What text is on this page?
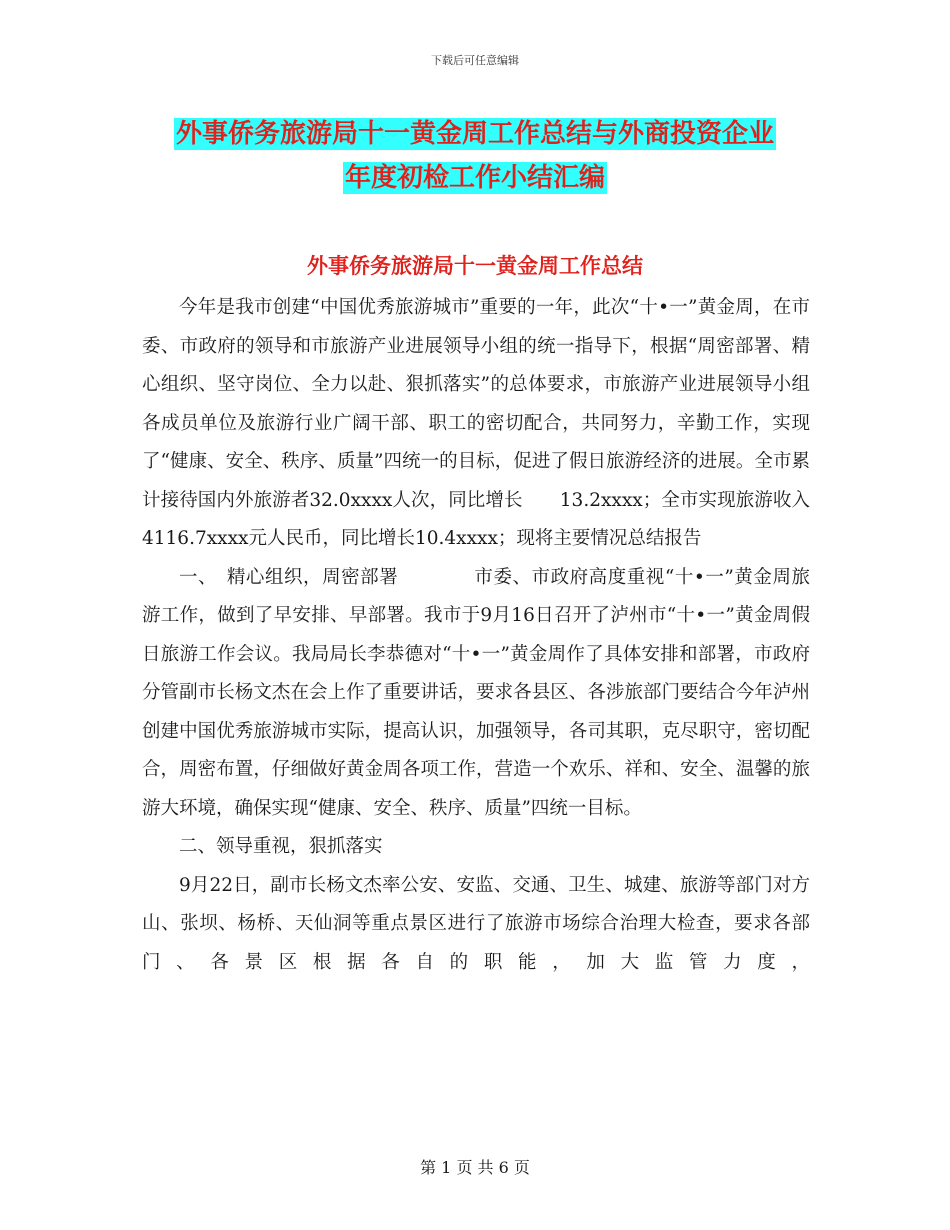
下载后可任意编辑
外事侨务旅游局十一黄金周工作总结与外商投资企业
年度初检工作小结汇编
外事侨务旅游局十一黄金周工作总结

今年是我市创建“中国优秀旅游城市”重要的一年，此次“十•一”黄金周，在市委、市政府的领导和市旅游产业进展领导小组的统一指导下，根据“周密部署、精心组织、坚守岗位、全力以赴、狠抓落实”的总体要求，市旅游产业进展领导小组各成员单位及旅游行业广阔干部、职工的密切配合，共同努力，辛勤工作，实现了“健康、安全、秩序、质量”四统一的目标，促进了假日旅游经济的进展。全市累计接待国内外旅游者32.0xxxx人次，同比增长　　13.2xxxx；全市实现旅游收入4116.7xxxx元人民币，同比增长10.4xxxx；现将主要情况总结报告

一、　精心组织，周密部署　　　　市委、市政府高度重视“十•一”黄金周旅游工作，做到了早安排、早部署。我市于9月16日召开了泸州市“十•一”黄金周假日旅游工作会议。我局局长李恭德对“十•一”黄金周作了具体安排和部署，市政府分管副市长杨文杰在会上作了重要讲话，要求各县区、各涉旅部门要结合今年泸州创建中国优秀旅游城市实际，提高认识，加强领导，各司其职，克尽职守，密切配合，周密布置，仔细做好黄金周各项工作，营造一个欢乐、祥和、安全、温馨的旅游大环境，确保实现“健康、安全、秩序、质量”四统一目标。

二、领导重视，狠抓落实

9月22日，副市长杨文杰率公安、安监、交通、卫生、城建、旅游等部门对方山、张坝、杨桥、天仙洞等重点景区进行了旅游市场综合治理大检查，要求各部门、各景区根据各自的职能，加大监管力度，

第 1 页 共 6 页
